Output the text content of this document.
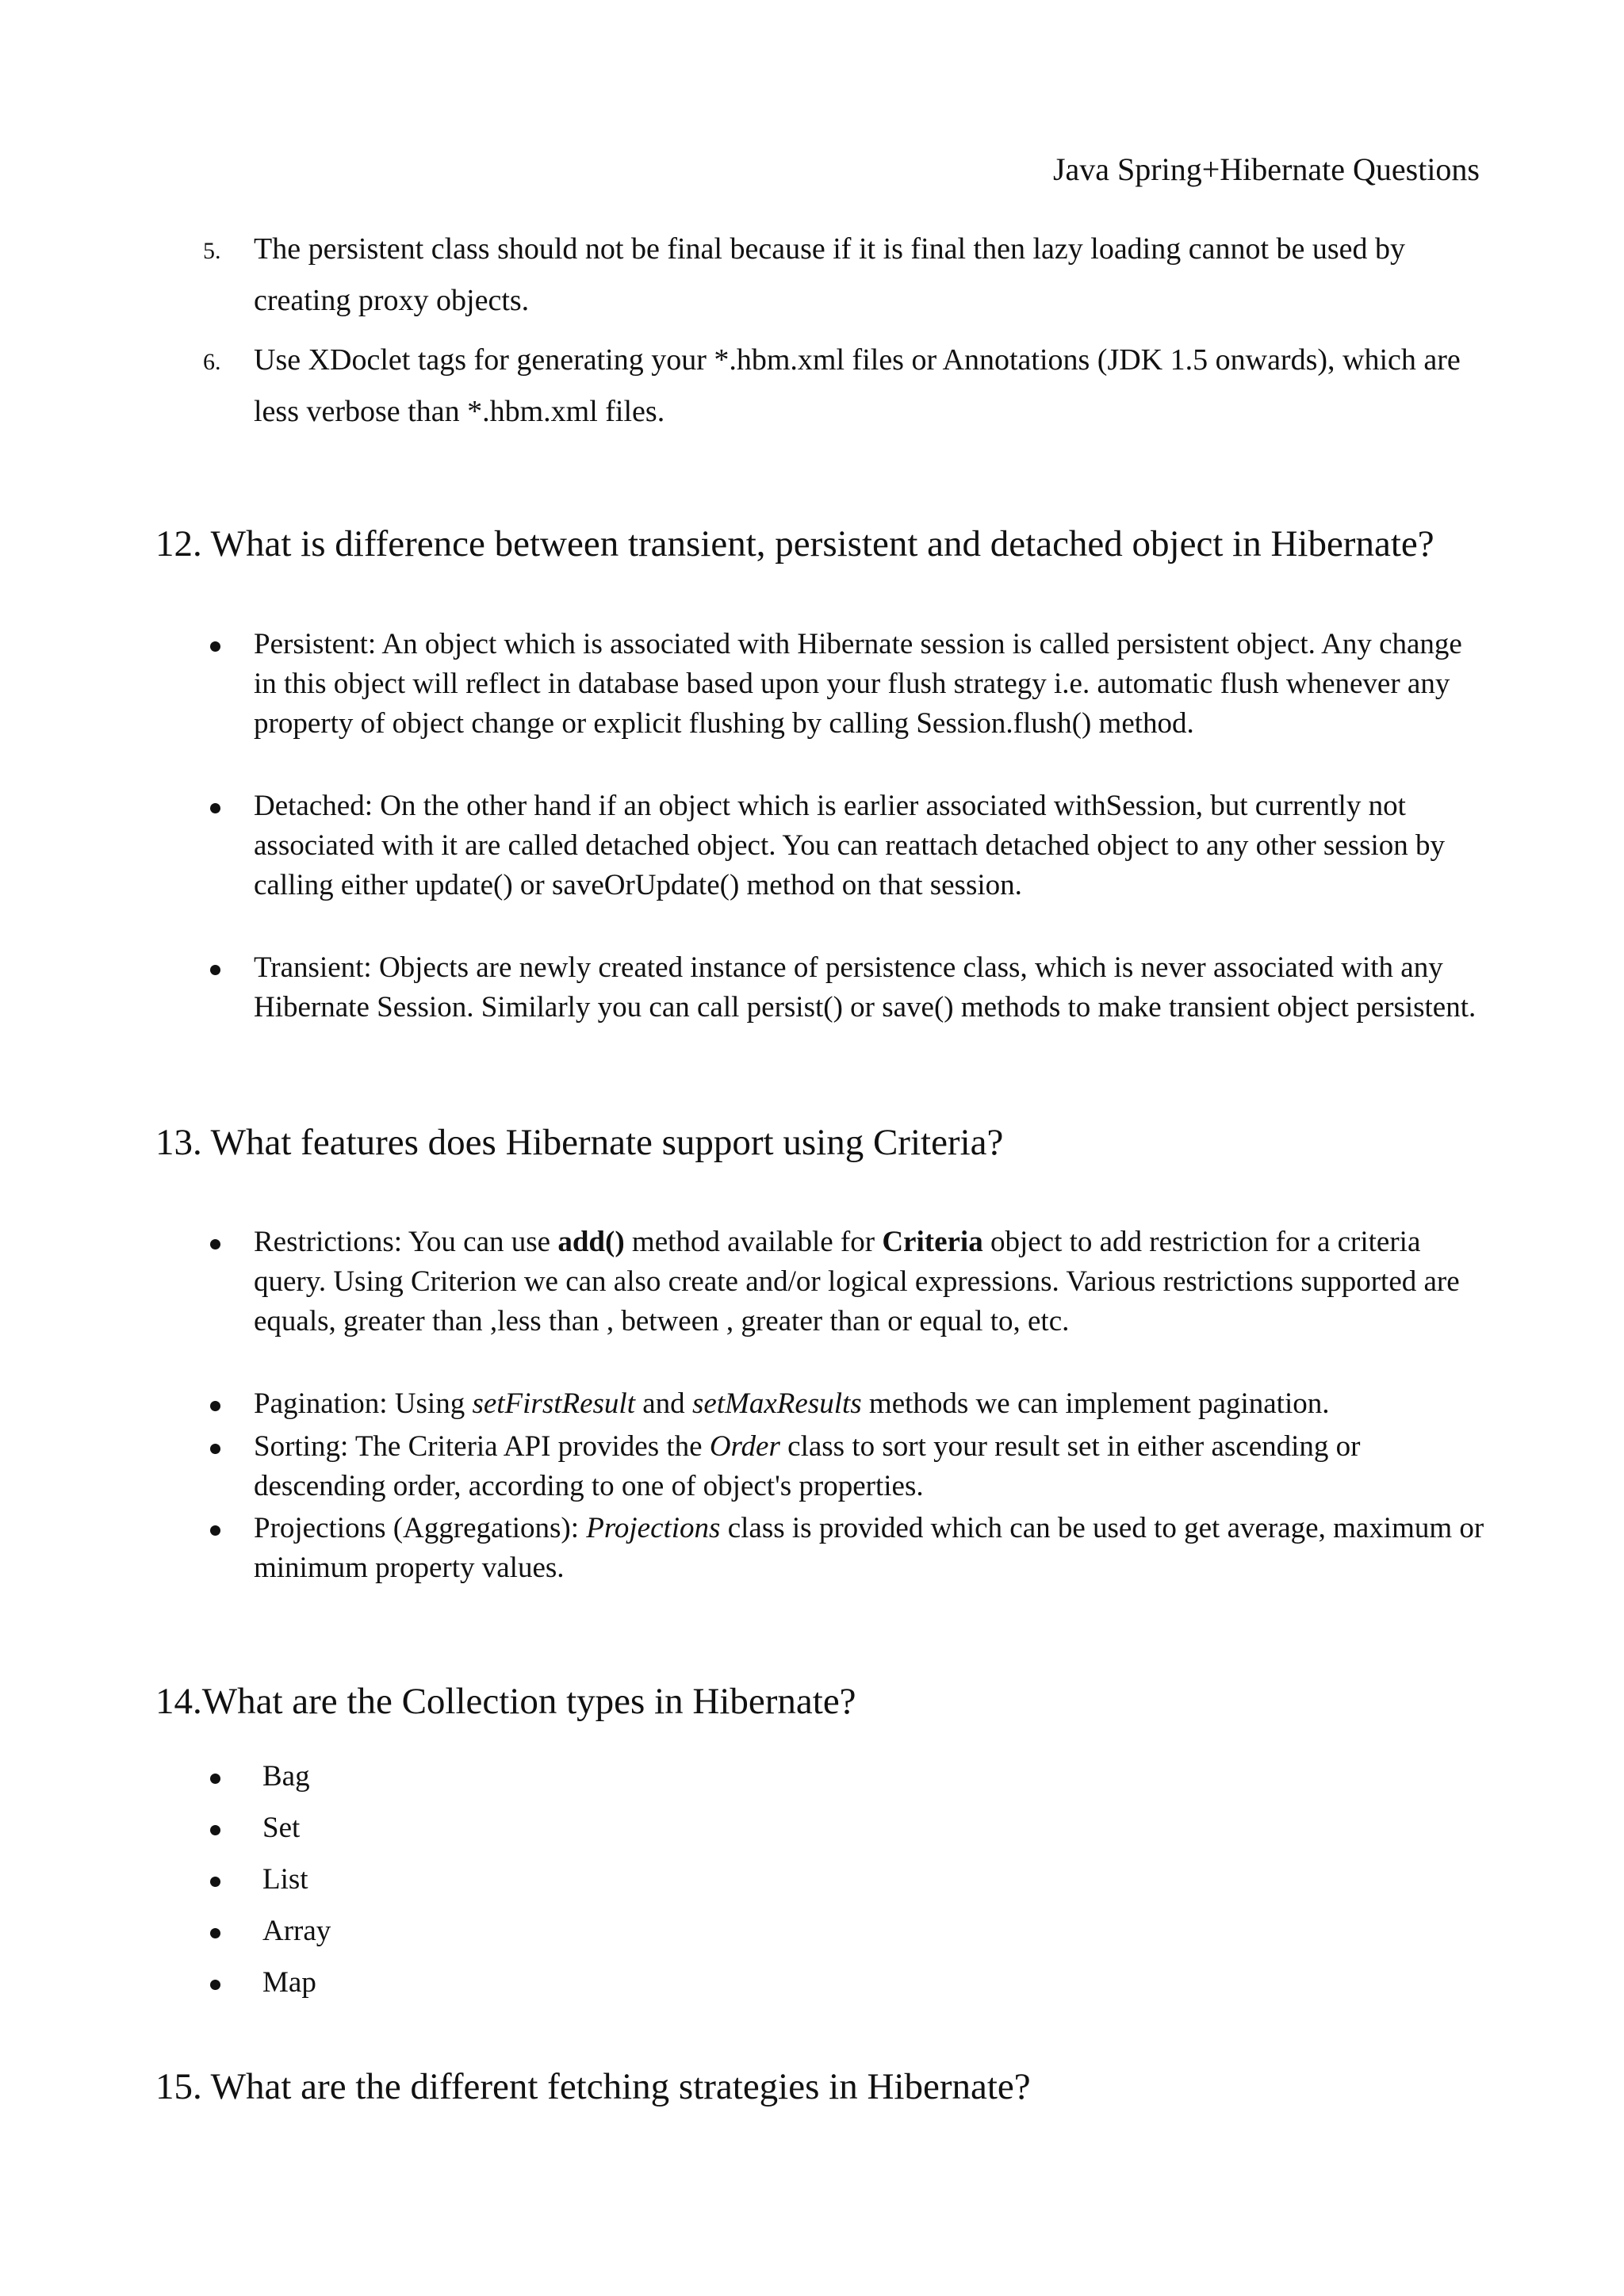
Java Spring+Hibernate Questions
5. The persistent class should not be final because if it is final then lazy loading cannot be used by creating proxy objects.
6. Use XDoclet tags for generating your *.hbm.xml files or Annotations (JDK 1.5 onwards), which are less verbose than *.hbm.xml files.
12. What is difference between transient, persistent and detached object in Hibernate?
Persistent: An object which is associated with Hibernate session is called persistent object. Any change in this object will reflect in database based upon your flush strategy i.e. automatic flush whenever any property of object change or explicit flushing by calling Session.flush() method.
Detached: On the other hand if an object which is earlier associated withSession, but currently not associated with it are called detached object. You can reattach detached object to any other session by calling either update() or saveOrUpdate() method on that session.
Transient: Objects are newly created instance of persistence class, which is never associated with any Hibernate Session. Similarly you can call persist() or save() methods to make transient object persistent.
13. What features does Hibernate support using Criteria?
Restrictions: You can use add() method available for Criteria object to add restriction for a criteria query. Using Criterion we can also create and/or logical expressions. Various restrictions supported are equals, greater than ,less than , between , greater than or equal to, etc.
Pagination: Using setFirstResult and setMaxResults methods we can implement pagination.
Sorting: The Criteria API provides the Order class to sort your result set in either ascending or descending order, according to one of object's properties.
Projections (Aggregations): Projections class is provided which can be used to get average, maximum or minimum property values.
14.What are the Collection types in Hibernate?
Bag
Set
List
Array
Map
15. What are the different fetching strategies in Hibernate?
